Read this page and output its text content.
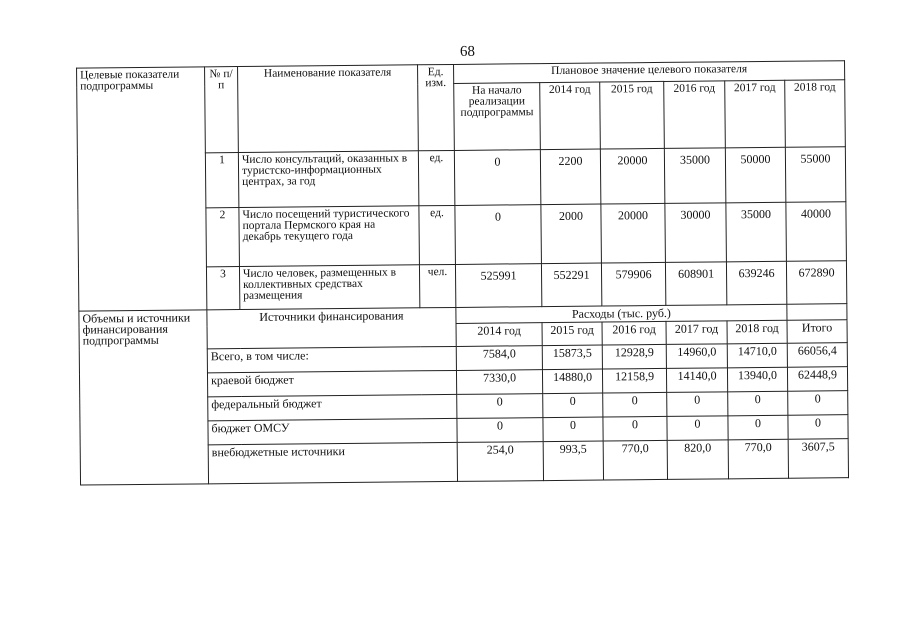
68
Целевые показатели подпрограммы	№ п/п	Наименование показателя	Ед. изм.	Плановое значение целевого показателя					
				На начало реализации подпрограммы	2014 год	2015 год	2016 год	2017 год	2018 год
	1	Число консультаций, оказанных в туристско-информационных центрах, за год	ед.	0	2200	20000	35000	50000	55000
	2	Число посещений туристического портала Пермского края на декабрь текущего года	ед.	0	2000	20000	30000	35000	40000
	3	Число человек, размещенных в коллективных средствах размещения	чел.	525991	552291	579906	608901	639246	672890
Объемы и источники финансирования подпрограммы	Источники финансирования			Расходы (тыс. руб.)					
				2014 год	2015 год	2016 год	2017 год	2018 год	Итого
	Всего, в том числе:			7584,0	15873,5	12928,9	14960,0	14710,0	66056,4
	краевой бюджет			7330,0	14880,0	12158,9	14140,0	13940,0	62448,9
	федеральный бюджет			0	0	0	0	0	0
	бюджет ОМСУ			0	0	0	0	0	0
	внебюджетные источники			254,0	993,5	770,0	820,0	770,0	3607,5
